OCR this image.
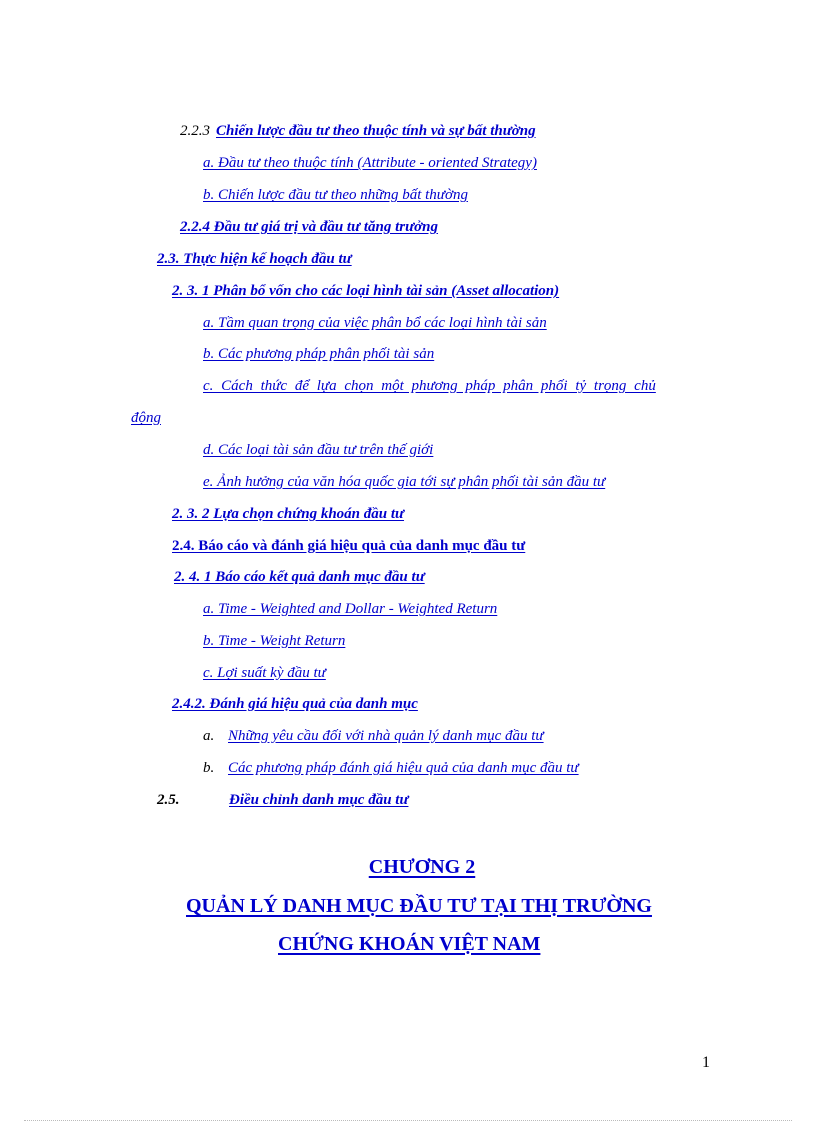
2.2.3 Chiến lược đầu tư theo thuộc tính và sự bất thường
a. Đầu tư theo thuộc tính (Attribute - oriented Strategy)
b. Chiến lược đầu tư theo những bất thường
2.2.4 Đầu tư giá trị và đầu tư tăng trưởng
2.3. Thực hiện kế hoạch đầu tư
2. 3. 1 Phân bổ vốn cho các loại hình tài sản (Asset allocation)
a. Tầm quan trọng của việc phân bổ các loại hình tài sản
b. Các phương pháp phân phối tài sản
c. Cách thức để lựa chọn một phương pháp phân phối tỷ trọng chủ
động
d. Các loại tài sản đầu tư trên thế giới
e. Ảnh hưởng của văn hóa quốc gia tới sự phân phối tài sản đầu tư
2. 3. 2 Lựa chọn chứng khoán đầu tư
2.4. Báo cáo và đánh giá hiệu quả của danh mục đầu tư
2. 4. 1 Báo cáo kết quả danh mục đầu tư
a. Time - Weighted and Dollar - Weighted Return
b. Time - Weight Return
c. Lợi suất kỳ đầu tư
2.4.2. Đánh giá hiệu quả của danh mục
a. Những yêu cầu đối với nhà quản lý danh mục đầu tư
b. Các phương pháp đánh giá hiệu quả của danh mục đầu tư
2.5.	Điều chỉnh danh mục đầu tư
CHƯƠNG 2
QUẢN LÝ DANH MỤC ĐẦU TƯ TẠI THỊ TRƯỜNG
CHỨNG KHOÁN VIỆT NAM
1
